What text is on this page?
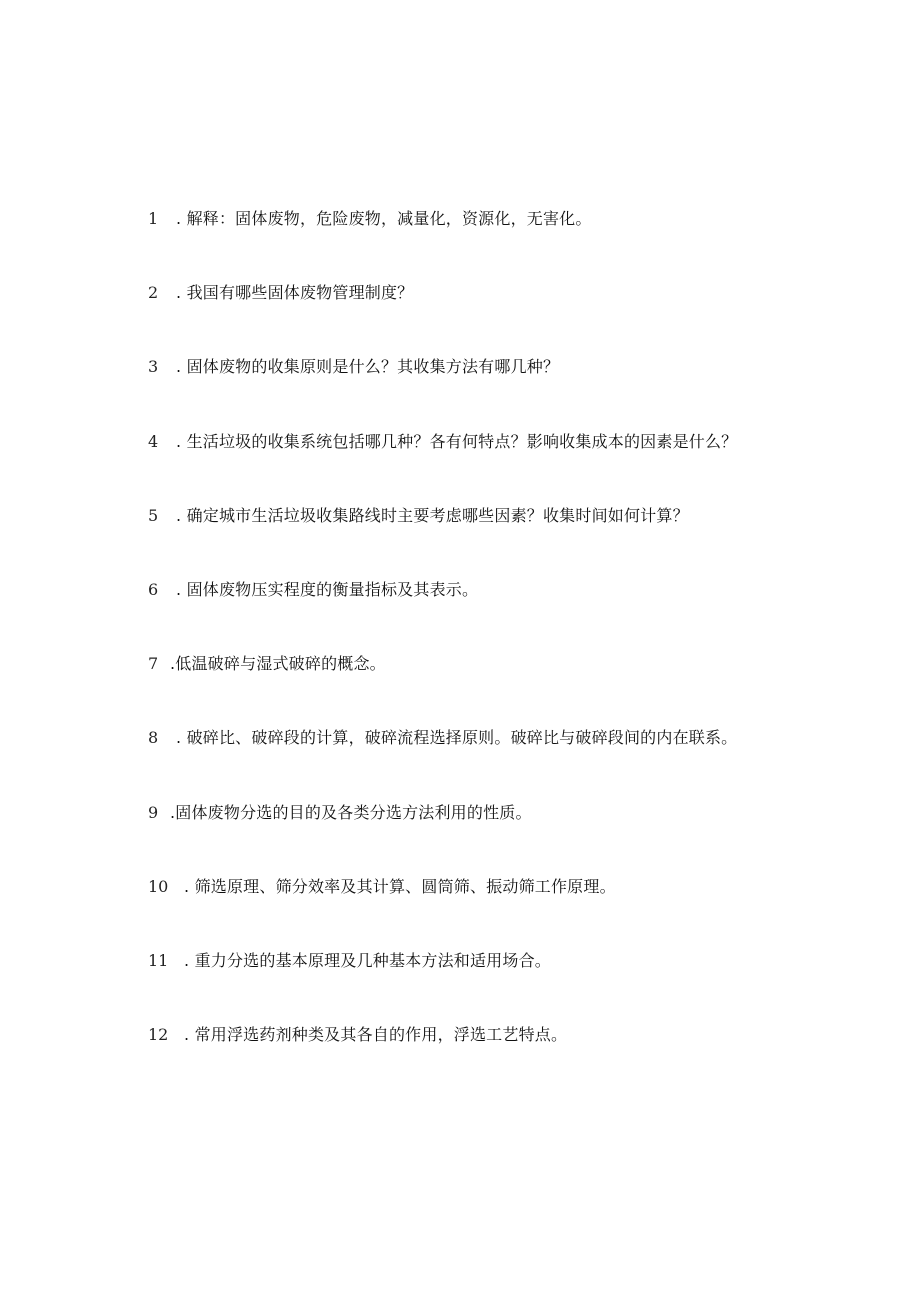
1	. 解释：固体废物，危险废物，减量化，资源化，无害化。
2	. 我国有哪些固体废物管理制度？
3	. 固体废物的收集原则是什么？其收集方法有哪几种？
4	. 生活垃圾的收集系统包括哪几种？各有何特点？影响收集成本的因素是什么？
5	. 确定城市生活垃圾收集路线时主要考虑哪些因素？收集时间如何计算？
6	. 固体废物压实程度的衡量指标及其表示。
7 .低温破碎与湿式破碎的概念。
8	. 破碎比、破碎段的计算，破碎流程选择原则。破碎比与破碎段间的内在联系。
9 .固体废物分选的目的及各类分选方法利用的性质。
10 . 筛选原理、筛分效率及其计算、圆筒筛、振动筛工作原理。
11 . 重力分选的基本原理及几种基本方法和适用场合。
12 . 常用浮选药剂种类及其各自的作用，浮选工艺特点。
